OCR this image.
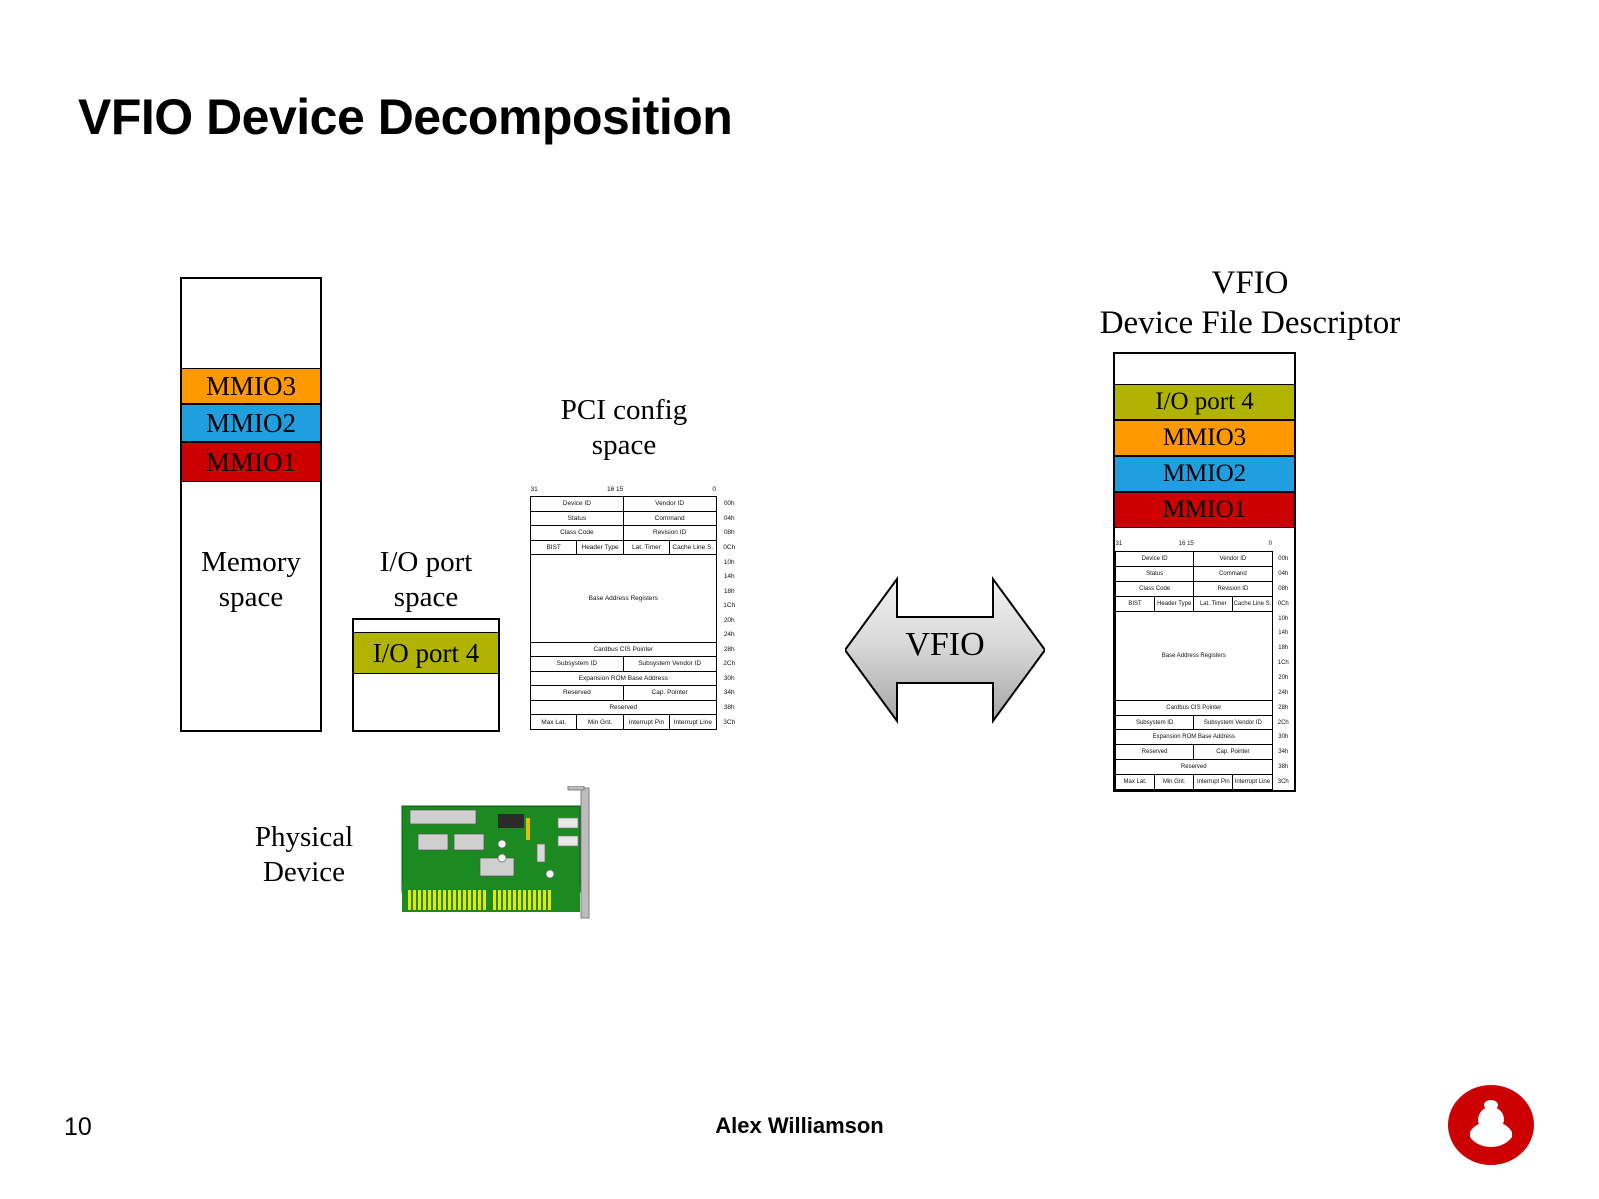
VFIO Device Decomposition
MMIO3
MMIO2
MMIO1
Memory
space
I/O port 4
I/O port
space
PCI config
space
31	16 15		0	
Device ID		Vendor ID		00h
Status		Command		04h
Class Code		Revision ID		08h
BIST	Header Type	Lat. Timer	Cache Line S.	0Ch
Base Address Registers				10h
				14h
				18h
				1Ch
				20h
				24h
Cardbus CIS Pointer				28h
Subsystem ID		Subsystem Vendor ID		2Ch
Expansion ROM Base Address				30h
Reserved		Cap. Pointer		34h
Reserved				38h
Max Lat.	Min Gnt.	Interrupt Pin	Interrupt Line	3Ch
VFIO
VFIO
Device File Descriptor
I/O port 4
MMIO3
MMIO2
MMIO1
31	16 15		0	
Device ID		Vendor ID		00h
Status		Command		04h
Class Code		Revision ID		08h
BIST	Header Type	Lat. Timer	Cache Line S.	0Ch
Base Address Registers				10h
				14h
				18h
				1Ch
				20h
				24h
Cardbus CIS Pointer				28h
Subsystem ID		Subsystem Vendor ID		2Ch
Expansion ROM Base Address				30h
Reserved		Cap. Pointer		34h
Reserved				38h
Max Lat.	Min Gnt.	Interrupt Pin	Interrupt Line	3Ch
Physical
Device
10	Alex Williamson
